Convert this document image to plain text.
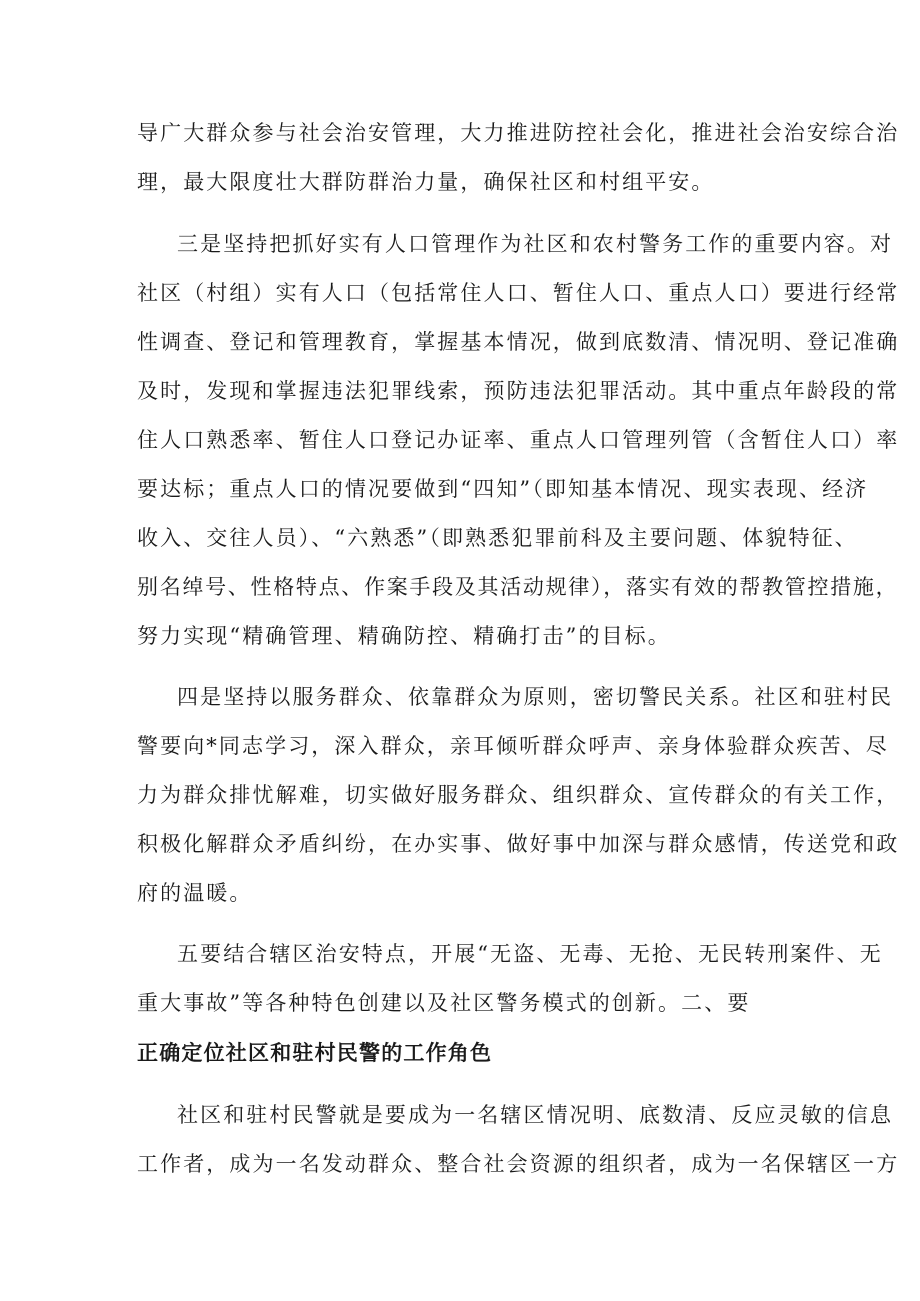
导广大群众参与社会治安管理，大力推进防控社会化，推进社会治安综合治
理，最大限度壮大群防群治力量，确保社区和村组平安。
三是坚持把抓好实有人口管理作为社区和农村警务工作的重要内容。对
社区（村组）实有人口（包括常住人口、暂住人口、重点人口）要进行经常
性调查、登记和管理教育，掌握基本情况，做到底数清、情况明、登记准确
及时，发现和掌握违法犯罪线索，预防违法犯罪活动。其中重点年龄段的常
住人口熟悉率、暂住人口登记办证率、重点人口管理列管（含暂住人口）率
要达标；重点人口的情况要做到“四知”（即知基本情况、现实表现、经济
收入、交往人员）、“六熟悉”（即熟悉犯罪前科及主要问题、体貌特征、
别名绰号、性格特点、作案手段及其活动规律），落实有效的帮教管控措施，
努力实现“精确管理、精确防控、精确打击”的目标。
四是坚持以服务群众、依靠群众为原则，密切警民关系。社区和驻村民
警要向*同志学习，深入群众，亲耳倾听群众呼声、亲身体验群众疾苦、尽
力为群众排忧解难，切实做好服务群众、组织群众、宣传群众的有关工作，
积极化解群众矛盾纠纷，在办实事、做好事中加深与群众感情，传送党和政
府的温暖。
五要结合辖区治安特点，开展“无盗、无毒、无抢、无民转刑案件、无
重大事故”等各种特色创建以及社区警务模式的创新。二、要
正确定位社区和驻村民警的工作角色
社区和驻村民警就是要成为一名辖区情况明、底数清、反应灵敏的信息
工作者，成为一名发动群众、整合社会资源的组织者，成为一名保辖区一方
